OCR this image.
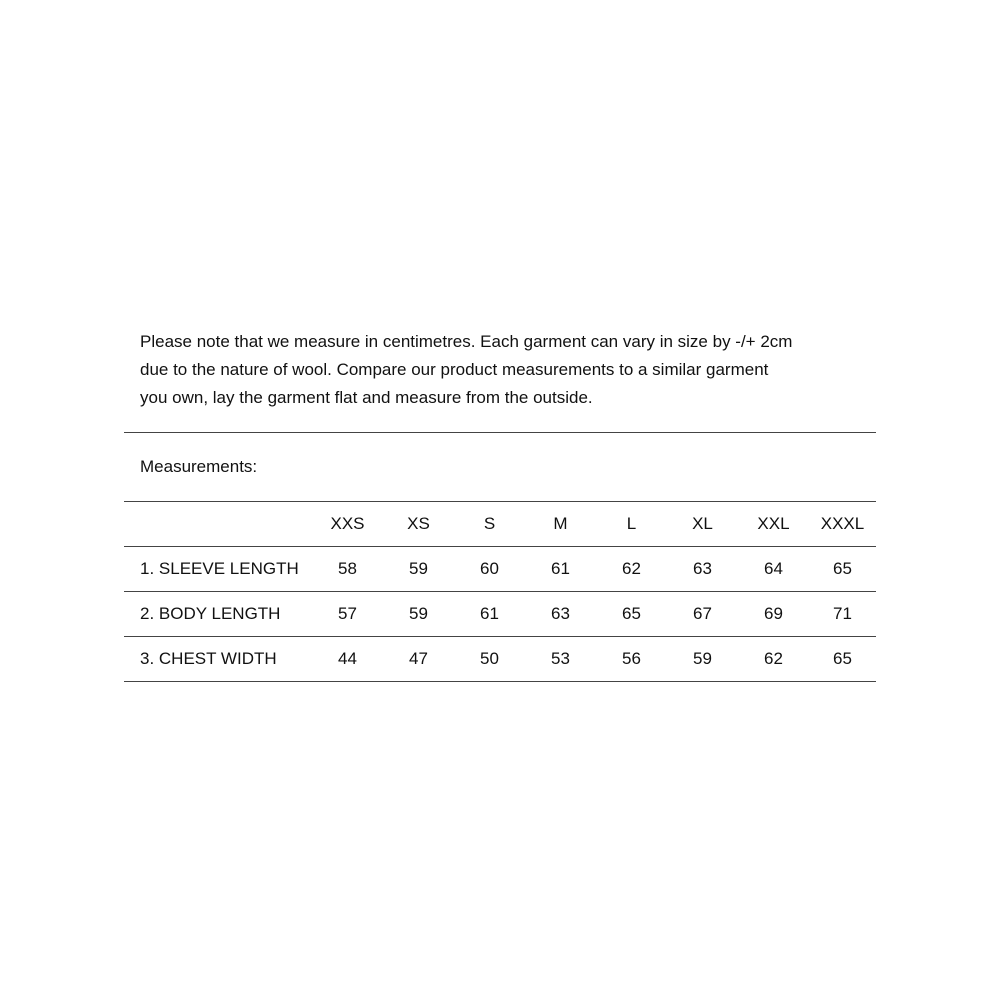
Please note that we measure in centimetres. Each garment can vary in size by -/+ 2cm
due to the nature of wool. Compare our product measurements to a similar garment
you own, lay the garment flat and measure from the outside.

Measurements:

	XXS	XS	S	M	L	XL	XXL	XXXL
1. SLEEVE LENGTH	58	59	60	61	62	63	64	65
2. BODY LENGTH	57	59	61	63	65	67	69	71
3. CHEST WIDTH	44	47	50	53	56	59	62	65
